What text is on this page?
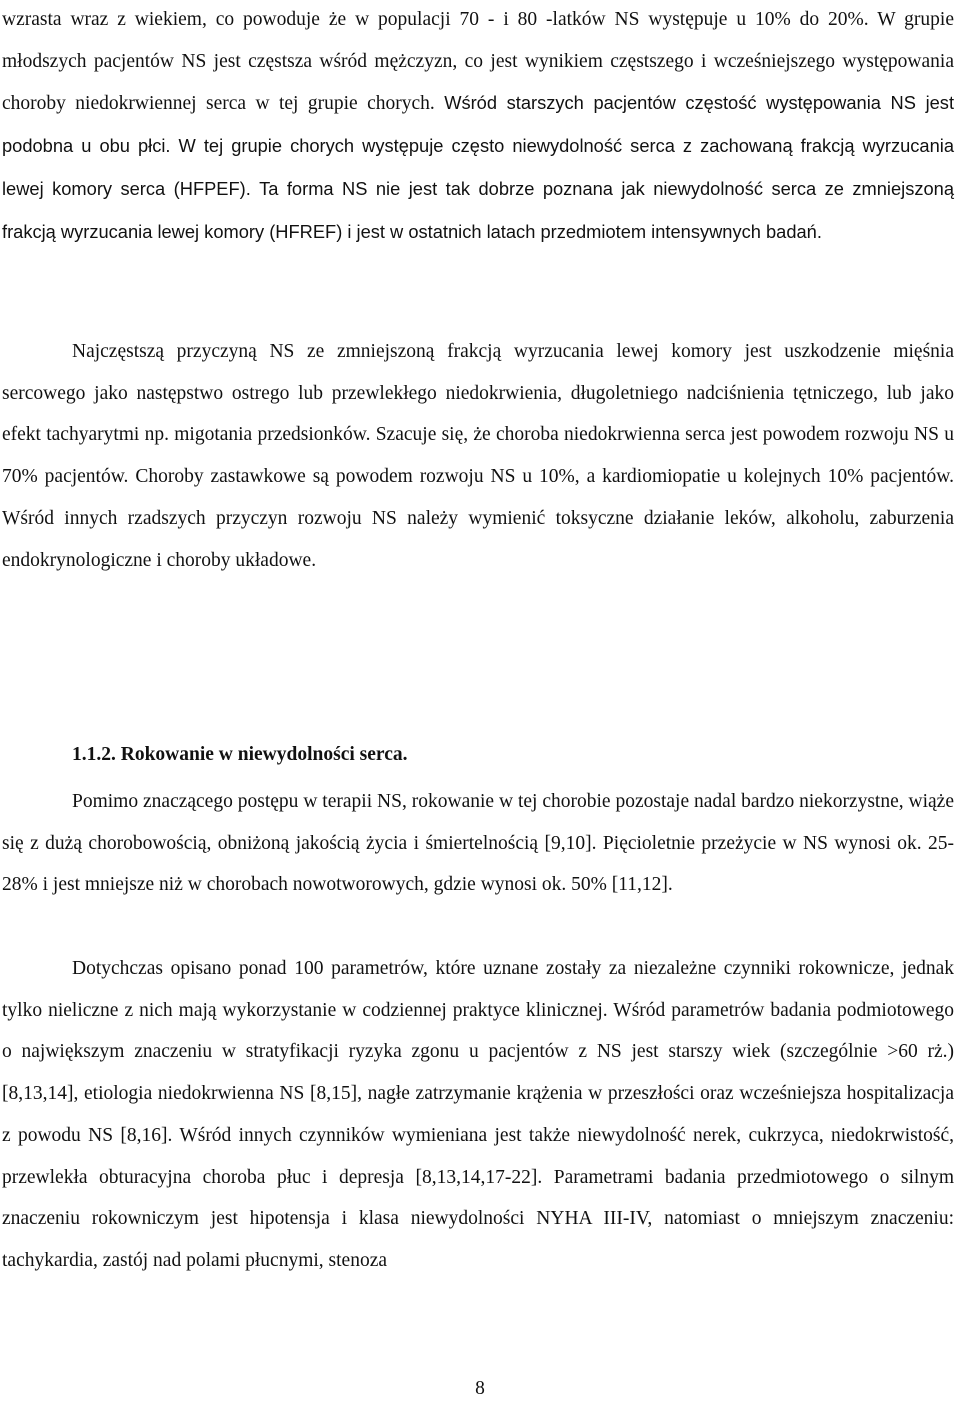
wzrasta wraz z wiekiem, co powoduje że w populacji 70 - i 80 -latków NS występuje u 10% do 20%. W grupie młodszych pacjentów NS jest częstsza wśród mężczyzn, co jest wynikiem częstszego i wcześniejszego występowania choroby niedokrwiennej serca w tej grupie chorych. Wśród starszych pacjentów częstość występowania NS jest podobna u obu płci. W tej grupie chorych występuje często niewydolność serca z zachowaną frakcją wyrzucania lewej komory serca (HFPEF). Ta forma NS nie jest tak dobrze poznana jak niewydolność serca ze zmniejszoną frakcją wyrzucania lewej komory (HFREF) i jest w ostatnich latach przedmiotem intensywnych badań.

Najczęstszą przyczyną NS ze zmniejszoną frakcją wyrzucania lewej komory jest uszkodzenie mięśnia sercowego jako następstwo ostrego lub przewlekłego niedokrwienia, długoletniego nadciśnienia tętniczego, lub jako efekt tachyarytmi np. migotania przedsionków. Szacuje się, że choroba niedokrwienna serca jest powodem rozwoju NS u 70% pacjentów. Choroby zastawkowe są powodem rozwoju NS u 10%, a kardiomiopatie u kolejnych 10% pacjentów. Wśród innych rzadszych przyczyn rozwoju NS należy wymienić toksyczne działanie leków, alkoholu, zaburzenia endokrynologiczne i choroby układowe.

1.1.2. Rokowanie w niewydolności serca.

Pomimo znaczącego postępu w terapii NS, rokowanie w tej chorobie pozostaje nadal bardzo niekorzystne, wiąże się z dużą chorobowością, obniżoną jakością życia i śmiertelnością [9,10]. Pięcioletnie przeżycie w NS wynosi ok. 25-28% i jest mniejsze niż w chorobach nowotworowych, gdzie wynosi ok. 50% [11,12].

Dotychczas opisano ponad 100 parametrów, które uznane zostały za niezależne czynniki rokownicze, jednak tylko nieliczne z nich mają wykorzystanie w codziennej praktyce klinicznej. Wśród parametrów badania podmiotowego o największym znaczeniu w stratyfikacji ryzyka zgonu u pacjentów z NS jest starszy wiek (szczególnie >60 rż.) [8,13,14], etiologia niedokrwienna NS [8,15], nagłe zatrzymanie krążenia w przeszłości oraz wcześniejsza hospitalizacja z powodu NS [8,16]. Wśród innych czynników wymieniana jest także niewydolność nerek, cukrzyca, niedokrwistość, przewlekła obturacyjna choroba płuc i depresja [8,13,14,17-22]. Parametrami badania przedmiotowego o silnym znaczeniu rokowniczym jest hipotensja i klasa niewydolności NYHA III-IV, natomiast o mniejszym znaczeniu: tachykardia, zastój nad polami płucnymi, stenoza

8
